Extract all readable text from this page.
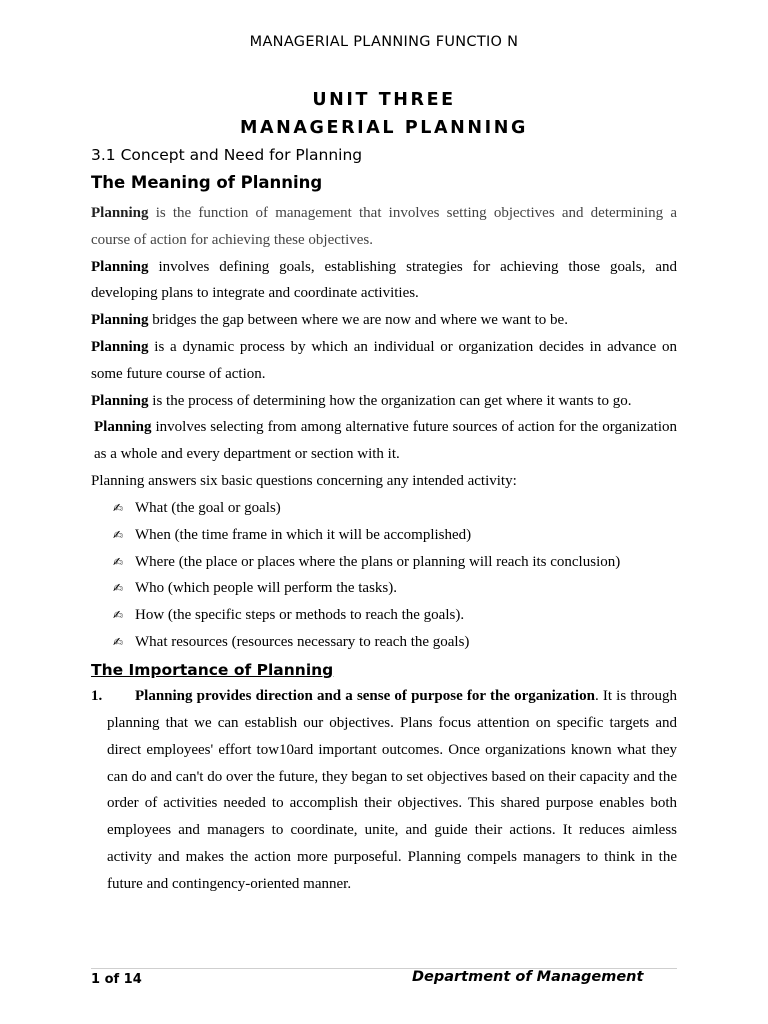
MANAGERIAL PLANNING FUNCTIO N
UNIT THREE
MANAGERIAL PLANNING
3.1 Concept and Need for Planning
The Meaning of Planning

Planning is the function of management that involves setting objectives and determining a course of action for achieving these objectives.

Planning involves defining goals, establishing strategies for achieving those goals, and developing plans to integrate and coordinate activities.

Planning bridges the gap between where we are now and where we want to be.

Planning is a dynamic process by which an individual or organization decides in advance on some future course of action.

Planning is the process of determining how the organization can get where it wants to go.

Planning involves selecting from among alternative future sources of action for the organization as a whole and every department or section with it.

Planning answers six basic questions concerning any intended activity:

✍ What (the goal or goals)
✍ When (the time frame in which it will be accomplished)
✍ Where (the place or places where the plans or planning will reach its conclusion)
✍ Who (which people will perform the tasks).
✍ How (the specific steps or methods to reach the goals).
✍ What resources (resources necessary to reach the goals)
The Importance of Planning

1. Planning provides direction and a sense of purpose for the organization. It is through planning that we can establish our objectives. Plans focus attention on specific targets and direct employees' effort tow10ard important outcomes. Once organizations known what they can do and can't do over the future, they began to set objectives based on their capacity and the order of activities needed to accomplish their objectives. This shared purpose enables both employees and managers to coordinate, unite, and guide their actions. It reduces aimless activity and makes the action more purposeful. Planning compels managers to think in the future and contingency-oriented manner.

1 of 14	Department of Management
